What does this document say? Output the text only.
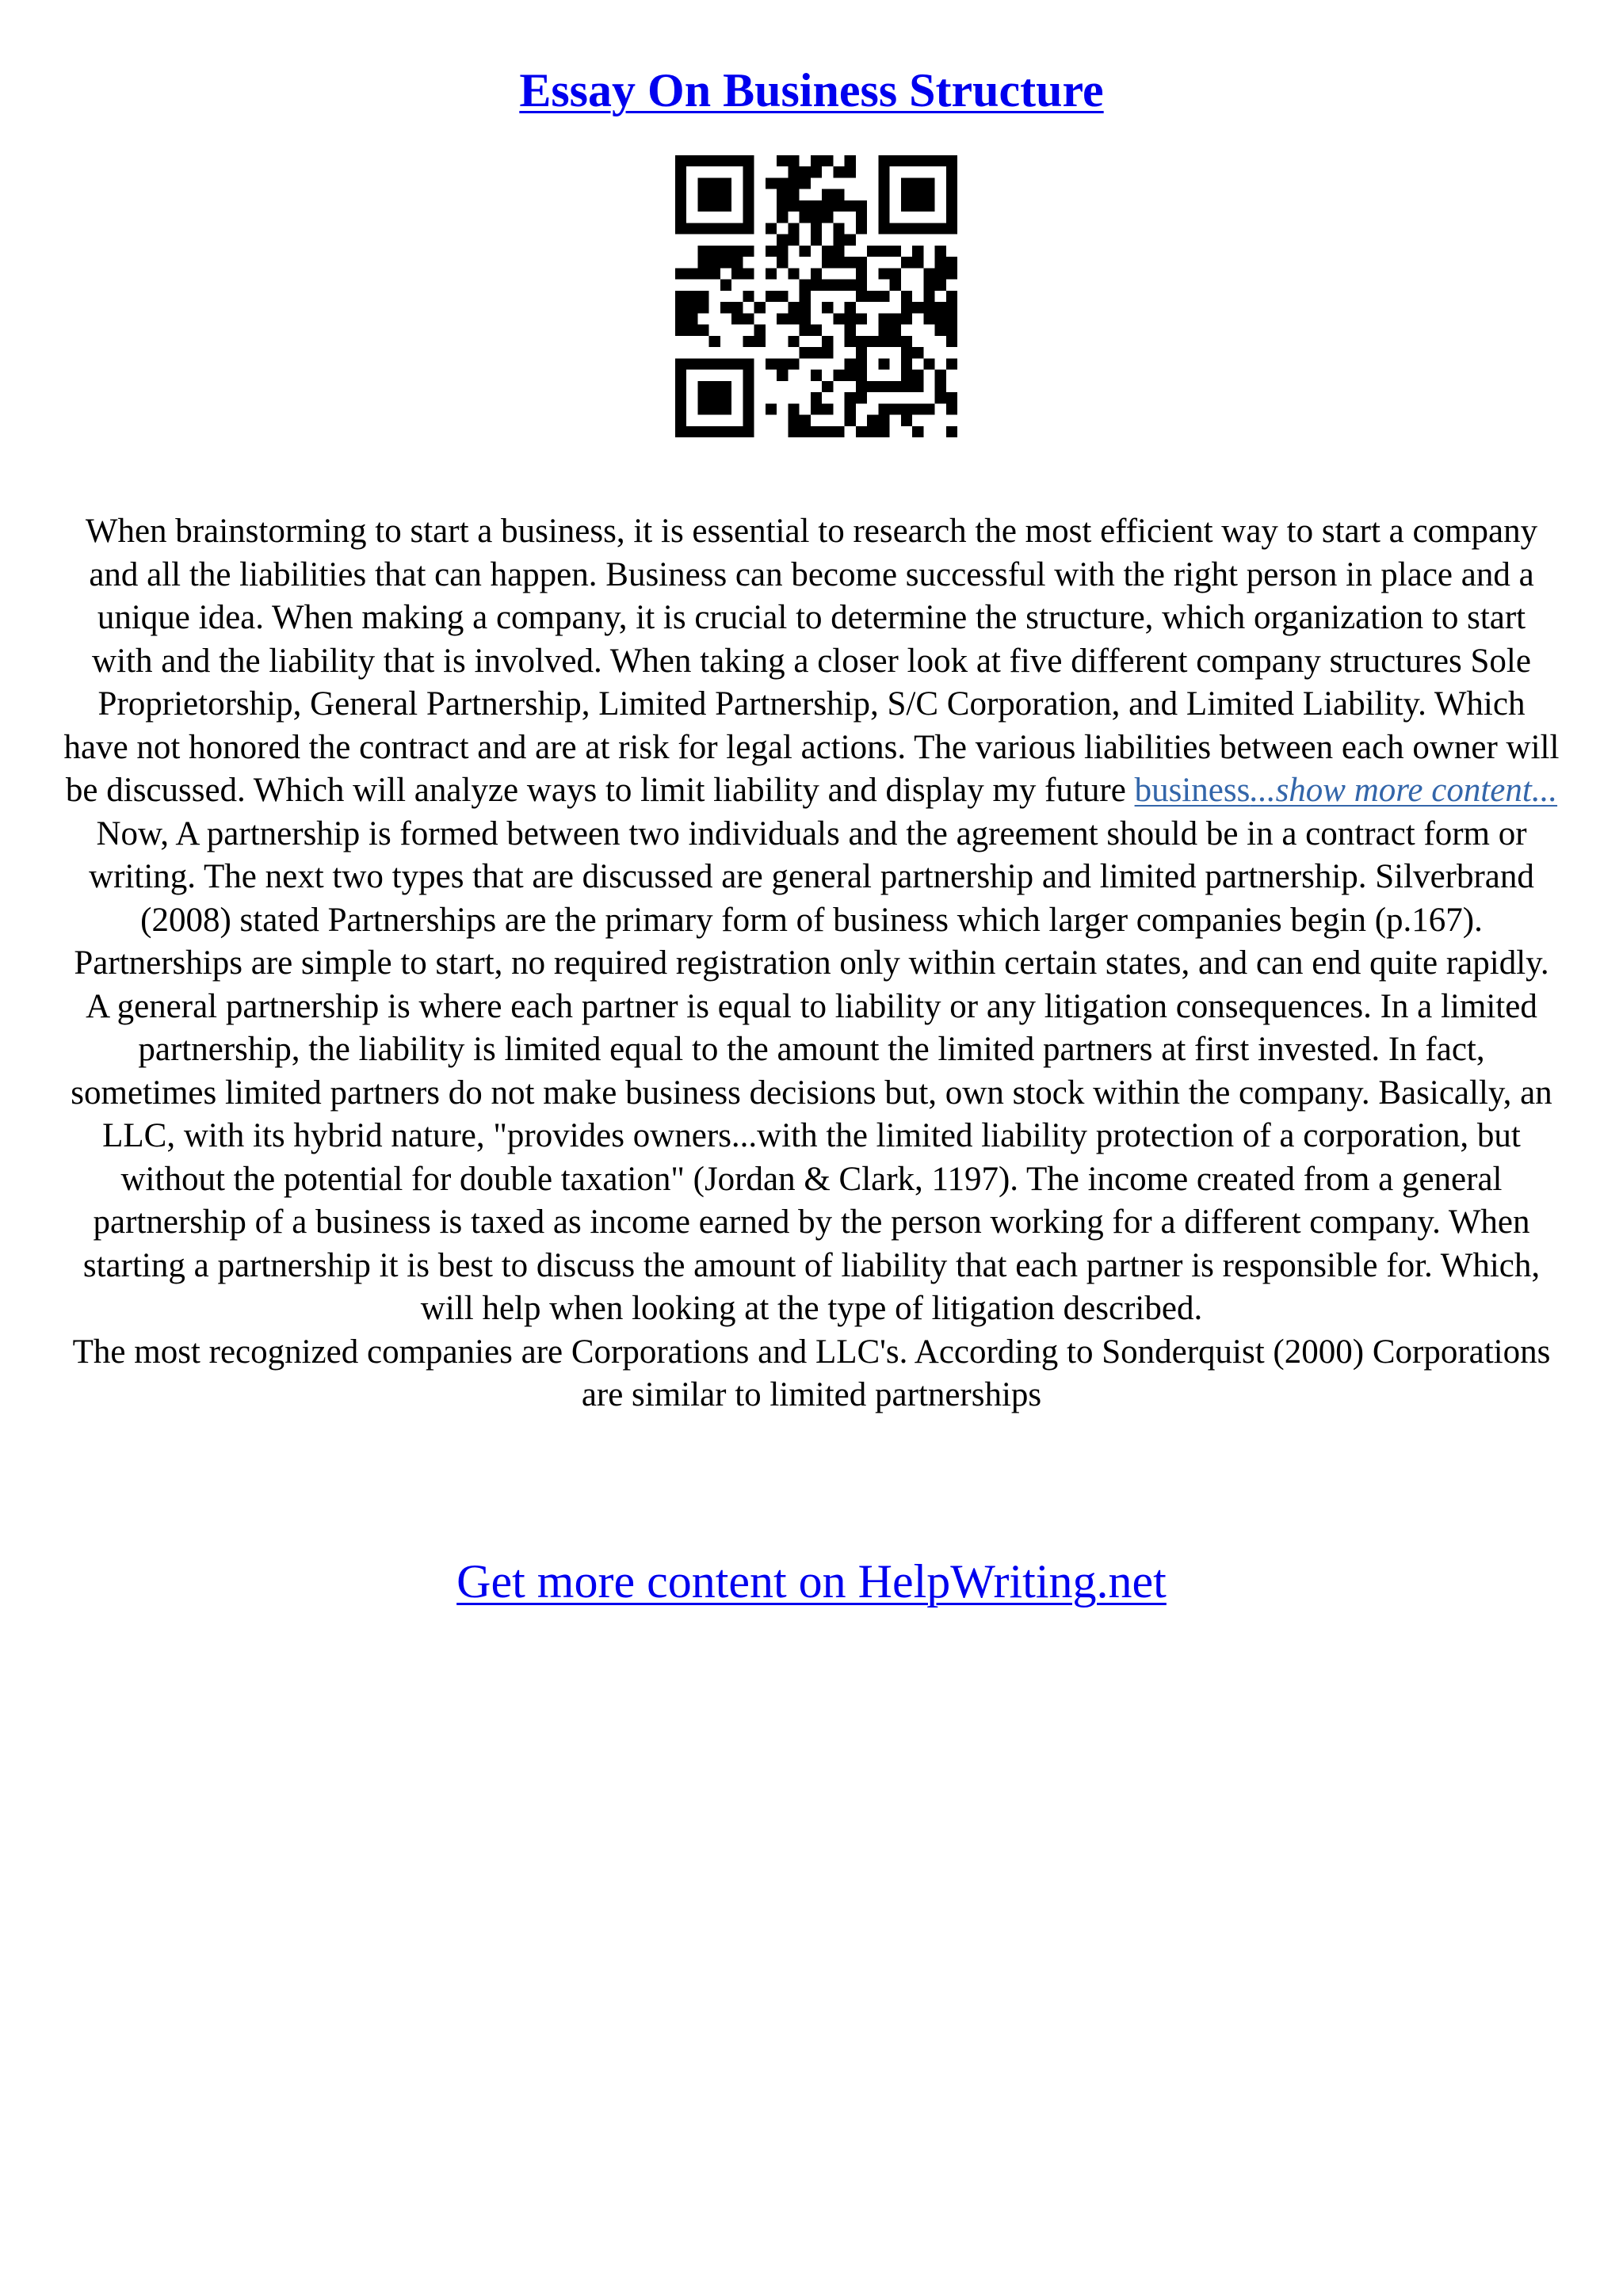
Essay On Business Structure

When brainstorming to start a business, it is essential to research the most efficient way to start a company and all the liabilities that can happen. Business can become successful with the right person in place and a unique idea. When making a company, it is crucial to determine the structure, which organization to start with and the liability that is involved. When taking a closer look at five different company structures Sole Proprietorship, General Partnership, Limited Partnership, S/C Corporation, and Limited Liability. Which have not honored the contract and are at risk for legal actions. The various liabilities between each owner will be discussed. Which will analyze ways to limit liability and display my future business...show more content...

Now, A partnership is formed between two individuals and the agreement should be in a contract form or writing. The next two types that are discussed are general partnership and limited partnership. Silverbrand (2008) stated Partnerships are the primary form of business which larger companies begin (p.167). Partnerships are simple to start, no required registration only within certain states, and can end quite rapidly. A general partnership is where each partner is equal to liability or any litigation consequences. In a limited partnership, the liability is limited equal to the amount the limited partners at first invested. In fact, sometimes limited partners do not make business decisions but, own stock within the company. Basically, an LLC, with its hybrid nature, "provides owners...with the limited liability protection of a corporation, but without the potential for double taxation" (Jordan & Clark, 1197). The income created from a general partnership of a business is taxed as income earned by the person working for a different company. When starting a partnership it is best to discuss the amount of liability that each partner is responsible for. Which, will help when looking at the type of litigation described.

The most recognized companies are Corporations and LLC's. According to Sonderquist (2000) Corporations are similar to limited partnerships

Get more content on HelpWriting.net
